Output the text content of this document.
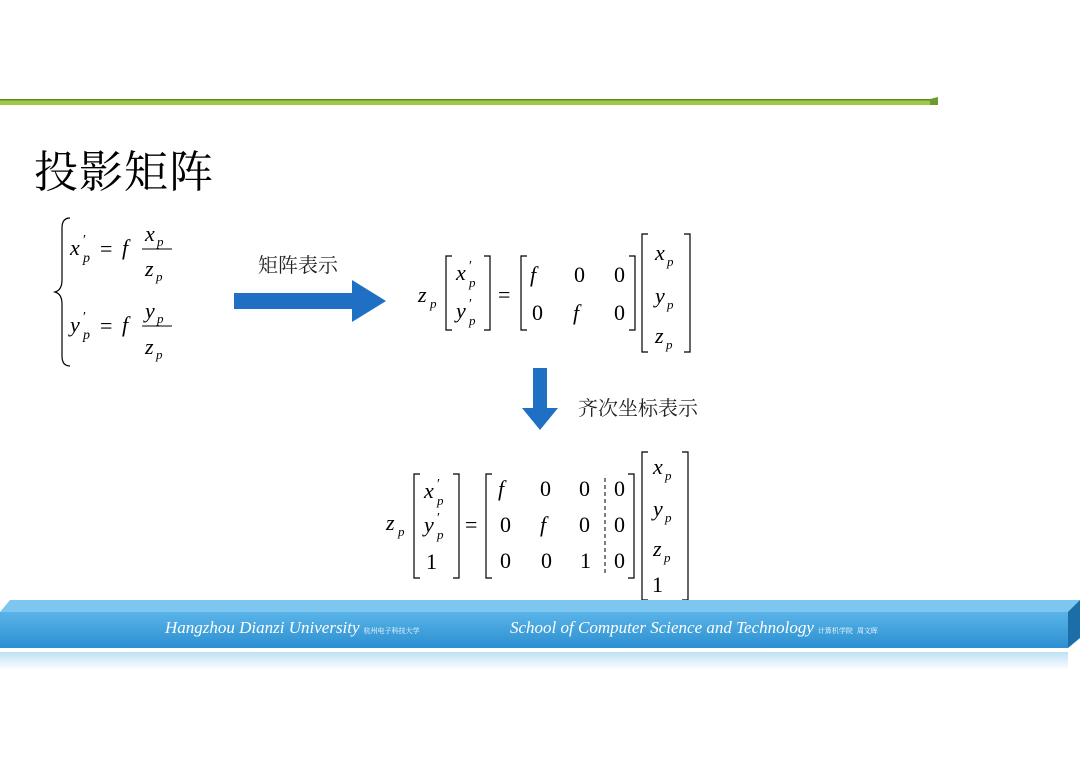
投影矩阵
矩阵表示
齐次坐标表示
x ′
p = f
x p
z p
y ′
p = f
y p
z p
z p
x ′
p
y ′
p
=
f 0 0
0 f 0
x p
y p
z p
z p
x ′
p
y ′
p
1
=
f 0 0 0
0 f 0 0
0 0 1 0
x p
y p
z p
1
Hangzhou Dianzi University 杭州电子科技大学	School of Computer Science and Technology 计算机学院 周文晖
